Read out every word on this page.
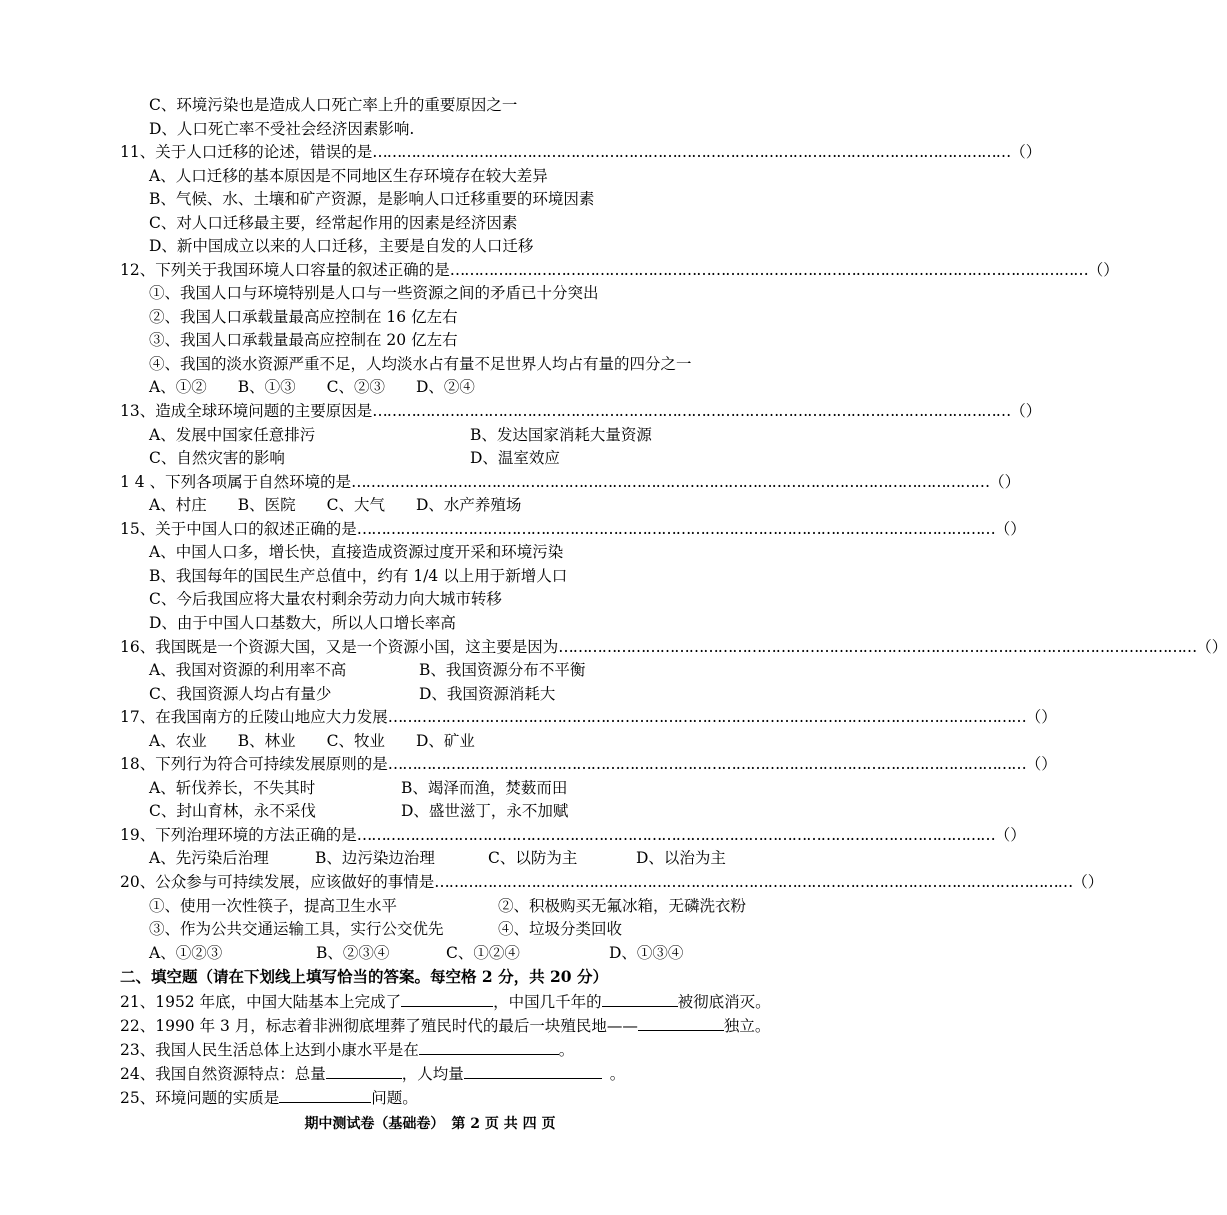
C、环境污染也是造成人口死亡率上升的重要原因之一
D、人口死亡率不受社会经济因素影响.
11、关于人口迁移的论述，错误的是 …………………………………………………………………………………………………………………… （ ）
A、人口迁移的基本原因是不同地区生存环境存在较大差异
B、气候、水、土壤和矿产资源，是影响人口迁移重要的环境因素
C、对人口迁移最主要，经常起作用的因素是经济因素
D、新中国成立以来的人口迁移，主要是自发的人口迁移
12、下列关于我国环境人口容量的叙述正确的是 …………………………………………………………………………………………………………………… （ ）
①、我国人口与环境特别是人口与一些资源之间的矛盾已十分突出
②、我国人口承载量最高应控制在 16 亿左右
③、我国人口承载量最高应控制在 20 亿左右
④、我国的淡水资源严重不足，人均淡水占有量不足世界人均占有量的四分之一
A、①②　　B、①③　　C、②③　　D、②④
13、造成全球环境问题的主要原因是 …………………………………………………………………………………………………………………… （ ）
A、发展中国家任意排污	B、发达国家消耗大量资源
C、自然灾害的影响	D、温室效应
1 4 、下列各项属于自然环境的是 …………………………………………………………………………………………………………………… （ ）
A、村庄　　B、医院　　C、大气　　D、水产养殖场
15、关于中国人口的叙述正确的是 …………………………………………………………………………………………………………………… （ ）
A、中国人口多，增长快，直接造成资源过度开采和环境污染
B、我国每年的国民生产总值中，约有 1/4 以上用于新增人口
C、今后我国应将大量农村剩余劳动力向大城市转移
D、由于中国人口基数大，所以人口增长率高
16、我国既是一个资源大国，又是一个资源小国，这主要是因为 …………………………………………………………………………………………………………………… （ ）
A、我国对资源的利用率不高	B、我国资源分布不平衡
C、我国资源人均占有量少	D、我国资源消耗大
17、在我国南方的丘陵山地应大力发展 …………………………………………………………………………………………………………………… （ ）
A、农业　　B、林业　　C、牧业　　D、矿业
18、下列行为符合可持续发展原则的是 …………………………………………………………………………………………………………………… （ ）
A、斩伐养长，不失其时	B、竭泽而渔，焚薮而田
C、封山育林，永不采伐	D、盛世滋丁，永不加赋
19、下列治理环境的方法正确的是 …………………………………………………………………………………………………………………… （ ）
A、先污染后治理	B、边污染边治理	C、以防为主	D、以治为主
20、公众参与可持续发展，应该做好的事情是 …………………………………………………………………………………………………………………… （ ）
①、使用一次性筷子，提高卫生水平	②、积极购买无氟冰箱，无磷洗衣粉
③、作为公共交通运输工具，实行公交优先	④、垃圾分类回收
A、①②③	B、②③④	C、①②④	D、①③④
二、填空题（请在下划线上填写恰当的答案。每空格 2 分，共 20 分）
21、1952 年底，中国大陆基本上完成了	，中国几千年的	被彻底消灭。
22、1990 年 3 月，标志着非洲彻底埋葬了殖民时代的最后一块殖民地——	独立。
23、我国人民生活总体上达到小康水平是在	。
24、我国自然资源特点：总量	，人均量	。
25、环境问题的实质是	问题。
期中测试卷（基础卷）　第 2 页 共 四 页
